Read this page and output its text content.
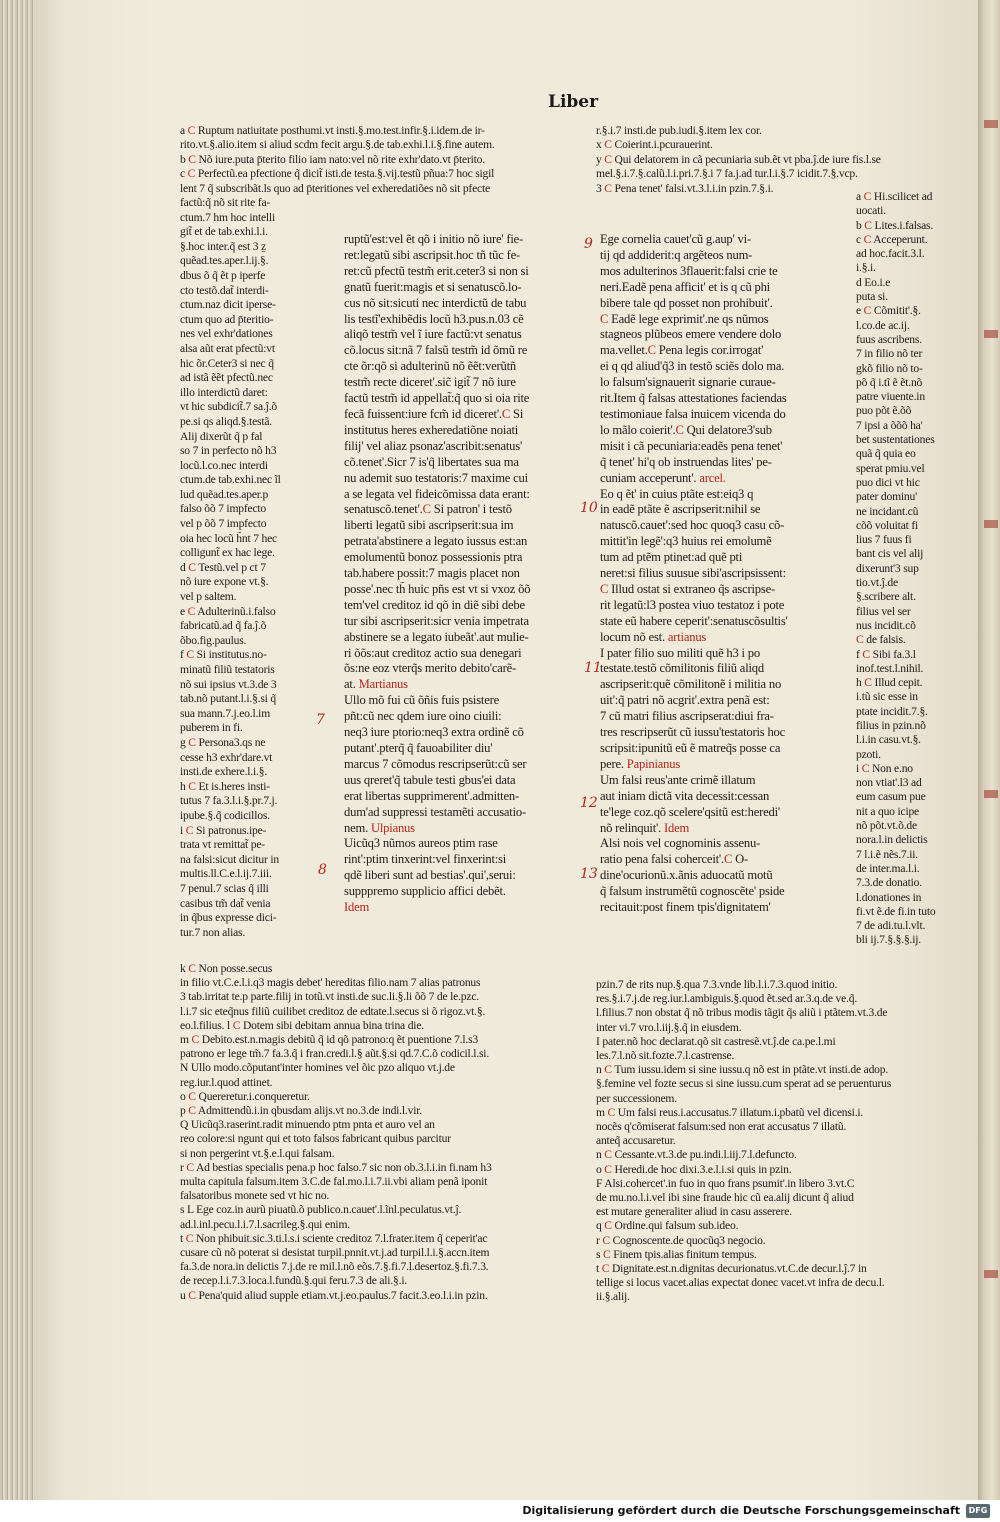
Liber

a C Ruptum natiuitate posthumi.vt insti.§.mo.test.infir.§.i.idem.de ir-

rito.vt.§.alio.item si aliud scdm fecit argu.§.de tab.exhi.l.i.§.fine autem.

b C Nõ iure.puta p̄terito filio iam nato:vel nõ rite exhr'dato.vt p̄terito.

c C Perfectũ.ea pfectione q̃ dicit̃ isti.de testa.§.vij.testũ pñua:7 hoc sigil

lent 7 q̃ subscribãt.ls quo ad p̄teritiones vel exheredatiões nõ sit pfecte

factũ:q̃ nõ sit rite fa-

ctum.7 hm hoc intelli

git̃ et de tab.exhi.l.i.

§.hoc inter.q̃ est 3 ẕ

quẽad.tes.aper.l.ij.§.

dbus õ q̃ ẽt p iperfe

cto testõ.dat̃ interdi-

ctum.naz dicit iperse-

ctum quo ad p̄teritio-

nes vel exhr'dationes

alsa aũt erat pfectũ:vt

hic õr.Ceter3 si nec q̃

ad istã ẽẽt pfectũ.nec

illo interdictũ daret:

vt hic subdicit̃.7 sa.ĵ.õ

pe.si qs aliqd.§.testã.

Alij dixerũt q̃ p fal

so 7 in perfecto nõ h3

locũ.l.co.nec interdi

ctum.de tab.exhi.nec ĩl

lud quẽad.tes.aper.p

falso õõ 7 impfecto

vel p õõ 7 impfecto

oia hec locũ h̃nt 7 hec

colligunt̃ ex hac lege.

d C Testũ.vel p ct 7

nõ iure expone vt.§.

vel p saltem.

e C Adulterinũ.i.falso

fabricatũ.ad q̃ fa.ĵ.õ

õbo.fig.paulus.

f C Si institutus.no-

minatũ filiũ testatoris

nõ sui ipsius vt.3.de 3

tab.nõ putant.l.i.§.si q̃

sua mann.7.j.eo.l.im

puberem in fi.

g C Persona3.qs ne

cesse h3 exhr'dare.vt

insti.de exhere.l.i.§.

h C Et is.heres insti-

tutus 7 fa.3.l.i.§.pr.7.j.

ipube.§.q̃ codicillos.

i C Si patronus.ipe-

trata vt remittat̃ pe-

na falsi:sicut dicitur in

multis.ll.C.e.l.ij.7.iii.

7 penul.7 scias q̃ illi

casibus tm̃ dat̃ venia

in q̃bus expresse dici-

tur.7 non alias.

ruptũ'est:vel ẽt qõ i initio nõ iure' fie-

ret:legatũ sibi ascripsit.hoc tñ tũc fe-

ret:cũ pfectũ testm̃ erit.ceter3 si non si

gnatũ fuerit:magis et si senatuscõ.lo-

cus nõ sit:sicuti nec interdictũ de tabu

lis testĩ'exhibẽdis locũ h3.pus.n.03 cẽ

aliqõ testm̃ vel ĩ iure factũ:vt senatus

cõ.locus sit:nã 7 falsũ testm̃ id õmũ re

cte õr:qõ si adulterinũ nõ ẽẽt:verũtñ

testm̃ recte diceret'.sic̃ igit̃ 7 nõ iure

factũ testm̃ id appellat̃:q̃ quo si oia rite

fecã fuissent:iure fcm̃ id diceret'.C Si

institutus heres exheredatiõne noiati

filij' vel aliaz psonaz'ascribit:senatus'

cõ.tenet'.Sicr 7 is'q̃ libertates sua ma

nu ademit suo testatoris:7 maxime cui

a se legata vel fideicõmissa data erant:

senatuscõ.tenet'.C Si patron' i testõ

liberti legatũ sibi ascripserit:sua im

petrata'abstinere a legato iussus est:an

emolumentũ bonoz possessionis ptra

tab.habere possit:7 magis placet non

posse'.nec th̃ huic pñs est vt si vxoz õõ

tem'vel creditoz id qõ in diẽ sibi debe

tur sibi ascripserit:sicr venia impetrata

abstinere se a legato iubeãt'.aut mulie-

ri õõs:aut creditoz actio sua denegari

õs:ne eoz vterq̃s merito debito'carẽ-

at. Martianus

Ullo mõ fui cũ õñis fuis psistere

pñt:cũ nec qdem iure oino ciuili:

neq3 iure ptorio:neq3 extra ordinẽ cõ

putant'.pterq̃ q̃ fauoabiliter diu'

marcus 7 cõmodus rescripserũt:cũ ser

uus qreret'q̃ tabule testi gbus'ei data

erat libertas supprimerent'.admitten-

dum'ad suppressi testamẽti accusatio-

nem. Ulpianus

Uicũq3 nũmos aureos ptim rase

rint':ptim tinxerint:vel finxerint:si

qdẽ liberi sunt ad bestias'.qui',serui:

supppremo supplicio affici debẽt.

Idem

r.§.i.7 insti.de pub.iudi.§.item lex cor.

x C Coierint.i.pcurauerint.

y C Qui delatorem in cã pecuniaria sub.ẽt vt pba.ĵ.de iure fis.l.se

mel.§.i.7.§.calũ.l.i.pri.7.§.i 7 fa.j.ad tur.l.i.§.7 icidit.7.§.vcp.

3 C Pena tenet' falsi.vt.3.l.i.in pzin.7.§.i.

Ege cornelia cauet'cũ g.aup' vi-

tij qd addiderit:q argẽteos num-

mos adulterinos 3flauerit:falsi crie te

neri.Eadẽ pena afficit' et is q cũ phi

bibere tale qd posset non prohibuit'.

C Eadẽ lege exprimit'.ne qs nũmos

stagneos plũbeos emere vendere dolo

ma.vellet.C Pena legis cor.irrogat'

ei q qd aliud'q̃3 in testõ sciẽs dolo ma.

lo falsum'signauerit signarie curaue-

rit.Item q̃ falsas attestationes faciendas

testimoniaue falsa inuicem vicenda do

lo mãlo coierit'.C Qui delatore3'sub

misit i cã pecuniaria:eadẽs pena tenet'

q̃ tenet' hi'q ob instruendas lites' pe-

cuniam acceperunt'. arcel.

Eo q ẽt' in cuius ptãte est:eiq3 q

in eadẽ ptãte ẽ ascripserit:nihil se

natuscõ.cauet':sed hoc quoq3 casu cõ-

mittit'in legẽ':q3 huius rei emolumẽ

tum ad ptẽm ptinet:ad quẽ pti

neret:si filius suusue sibi'ascripsissent:

C Illud ostat si extraneo q̃s ascripse-

rit legatũ:l3 postea viuo testatoz i pote

state eũ habere ceperit':senatuscõsultis'

locum nõ est. artianus

I pater filio suo militi quẽ h3 i po

testate.testõ cõmilitonis filiũ aliqd

ascripserit:quẽ cõmilitonẽ i militia no

uit':q̃ patri nõ acgrit'.extra penã est:

7 cũ matri filius ascripserat:diui fra-

tres rescripserũt cũ iussu'testatoris hoc

scripsit:ipunitũ eũ ẽ matreq̃s posse ca

pere. Papinianus

Um falsi reus'ante crimẽ illatum

aut iniam dictã vita decessit:cessan

te'lege coz.qõ scelere'qsitũ est:heredi'

nõ relinquit'. Idem

Alsi nois vel cognominis assenu-

ratio pena falsi coherceit'.C O-

dine'ocurionũ.x.ãnis aduocatũ motũ

q̃ falsum instrumẽtũ cognoscẽte' pside

recitauit:post finem tpis'dignitatem'

a C Hi.scilicet ad

uocati.

b C Lites.i.falsas.

c C Acceperunt.

ad hoc.facit.3.l.

i.§.i.

d Eo.i.e

puta si.

e C Cõmitit'.§.

l.co.de ac.ij.

fuus ascribens.

7 in filio nõ ter

gkõ filio nõ to-

põ q̃ i.tĩ ẽ ẽt.nõ

patre viuente.in

puo põt ẽ.õõ

7 ipsi a õõõ ha'

bet sustentationes

quã q̃ quia eo

sperat pmiu.vel

puo dici vt hic

pater dominu'

ne incidant.cũ

cõõ voluitat fi

lius 7 fuus fi

bant cis vel alij

dixerunt'3 sup

tio.vt.ĵ.de

§.scribere alt.

filius vel ser

nus incidit.cõ

C de falsis.

f C Sibi fa.3.l

inof.test.l.nihil.

h C Illud cepit.

i.tũ sic esse in

ptate incidit.7.§.

filius in pzin.nõ

l.i.in casu.vt.§.

pzoti.

i C Non e.no

non vtiat'.l3 ad

eum casum pue

nit a quo icipe

nõ põt.vt.õ.de

nora.l.in delictis

7 l.i.ẽ nẽs.7.ii.

de inter.ma.l.i.

7.3.de donatio.

l.donationes in

fi.vt ẽ.de fi.in tuto

7 de adi.tu.l.vlt.

bli ij.7.§.§.§.ij.

k C Non posse.secus

in filio vt.C.e.l.i.q3 magis debet' hereditas filio.nam 7 alias patronus

3 tab.irritat te.p parte.filij in totũ.vt insti.de suc.li.§.li õõ 7 de le.pzc.

l.i.7 sic eteq̃nus filiũ cuilibet creditoz de edtate.l.secus si õ rigoz.vt.§.

eo.l.filius. l C Dotem sibi debitam annua bina trina die.

m C Debito.est.n.magis debitũ q̃ id qõ patrono:q ẽt puentione 7.l.s3

patrono er lege tm̃.7 fa.3.q̃ i fran.credi.l.§ aũt.§.si qd.7.C.õ codicil.l.si.

N Ullo modo.cõputant'inter homines vel õic pzo aliquo vt.j.de

reg.iur.l.quod attinet.

o C Quereretur.i.conqueretur.

p C Admittendũ.i.in qbusdam alijs.vt no.3.de indi.l.vir.

Q Uicũq3.raserint.radit minuendo ptm pnta et auro vel an

reo colore:si ngunt qui et toto falsos fabricant quibus parcitur

si non pergerint vt.§.e.l.qui falsam.

r C Ad bestias specialis pena.p hoc falso.7 sic non ob.3.l.i.in fi.nam h3

multa capitula falsum.item 3.C.de fal.mo.l.i.7.ii.vbi aliam penã iponit

falsatoribus monete sed vt hic no.

s L Ege coz.in aurũ piuatũ.õ publico.n.cauet'.l.ĩnl.peculatus.vt.ĵ.

ad.l.inl.pecu.l.i.7.l.sacrileg.§.qui enim.

t C Non phibuit.sic.3.ti.l.s.i sciente creditoz 7.l.frater.item q̃ ceperit'ac

cusare cũ nõ poterat si desistat turpil.pnnit.vt.j.ad turpil.l.i.§.accn.item

fa.3.de nora.in delictis 7.j.de re mil.l.nõ eõs.7.§.fi.7.l.desertoz.§.fi.7.3.

de recep.l.i.7.3.loca.l.fundũ.§.qui feru.7.3 de ali.§.i.

u C Pena'quid aliud supple etiam.vt.j.eo.paulus.7 facit.3.eo.l.i.in pzin.

pzin.7 de rits nup.§.qua 7.3.vnde lib.l.i.7.3.quod initio.

res.§.i.7.j.de reg.iur.l.ambiguis.§.quod ẽt.sed ar.3.q.de ve.q̃.

l.filius.7 non obstat q̃ nõ tribus modis tãgit q̃s aliũ i ptãtem.vt.3.de

inter vi.7 vro.l.iij.§.q̃ in eiusdem.

I pater.nõ hoc declarat.qõ sit castresẽ.vt.ĵ.de ca.pe.l.mi

les.7.l.nõ sit.fozte.7.l.castrense.

n C Tum iussu.idem si sine iussu.q nõ est in ptãte.vt insti.de adop.

§.femine vel fozte secus si sine iussu.cum sperat ad se peruenturus

per successionem.

m C Um falsi reus.i.accusatus.7 illatum.i.pbatũ vel dicensi.i.

nocẽs q'cõmiserat falsum:sed non erat accusatus 7 illatũ.

anteq̃ accusaretur.

n C Cessante.vt.3.de pu.indi.l.iij.7.l.defuncto.

o C Heredi.de hoc dixi.3.e.l.i.si quis in pzin.

F Alsi.cohercet'.in fuo in quo frans psumit'.in libero 3.vt.C

de mu.no.l.i.vel ibi sine fraude hic cũ ea.alij dicunt q̃ aliud

est mutare generaliter aliud in casu asserere.

q C Ordine.qui falsum sub.ideo.

r C Cognoscente.de quocũq3 negocio.

s C Finem tpis.alias finitum tempus.

t C Dignitate.est.n.dignitas decurionatus.vt.C.de decur.l.ĵ.7 in

tellige si locus vacet.alias expectat donec vacet.vt infra de decu.l.

ii.§.alij.

7
8
9
10
11
12
13
Digitalisierung gefördert durch die Deutsche Forschungsgemeinschaft	DFG
